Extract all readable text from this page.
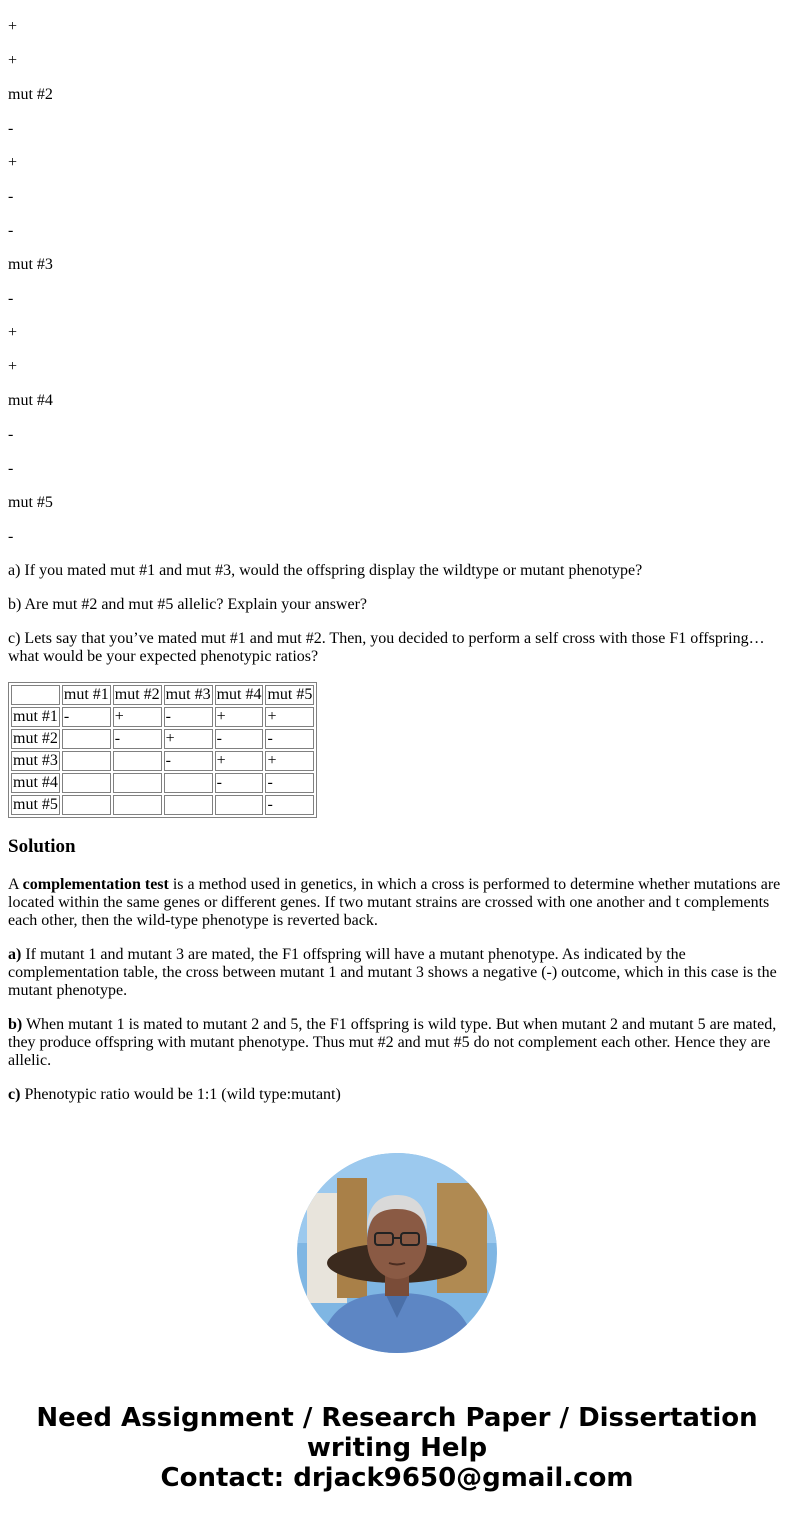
+

+

mut #2

-

+

-

-

mut #3

-

+

+

mut #4

-

-

mut #5

-

a) If you mated mut #1 and mut #3, would the offspring display the wildtype or mutant phenotype?

b) Are mut #2 and mut #5 allelic? Explain your answer?

c) Lets say that you’ve mated mut #1 and mut #2. Then, you decided to perform a self cross with those F1 offspring… what would be your expected phenotypic ratios?

	mut #1	mut #2	mut #3	mut #4	mut #5
mut #1	-	+	-	+	+
mut #2		-	+	-	-
mut #3			-	+	+
mut #4				-	-
mut #5					-
Solution

A complementation test is a method used in genetics, in which a cross is performed to determine whether mutations are located within the same genes or different genes. If two mutant strains are crossed with one another and t complements each other, then the wild-type phenotype is reverted back.

a) If mutant 1 and mutant 3 are mated, the F1 offspring will have a mutant phenotype. As indicated by the complementation table, the cross between mutant 1 and mutant 3 shows a negative (-) outcome, which in this case is the mutant phenotype.

b) When mutant 1 is mated to mutant 2 and 5, the F1 offspring is wild type. But when mutant 2 and mutant 5 are mated, they produce offspring with mutant phenotype. Thus mut #2 and mut #5 do not complement each other. Hence they are allelic.

c) Phenotypic ratio would be 1:1 (wild type:mutant)

Need Assignment / Research Paper / Dissertation
writing Help
Contact: drjack9650@gmail.com
